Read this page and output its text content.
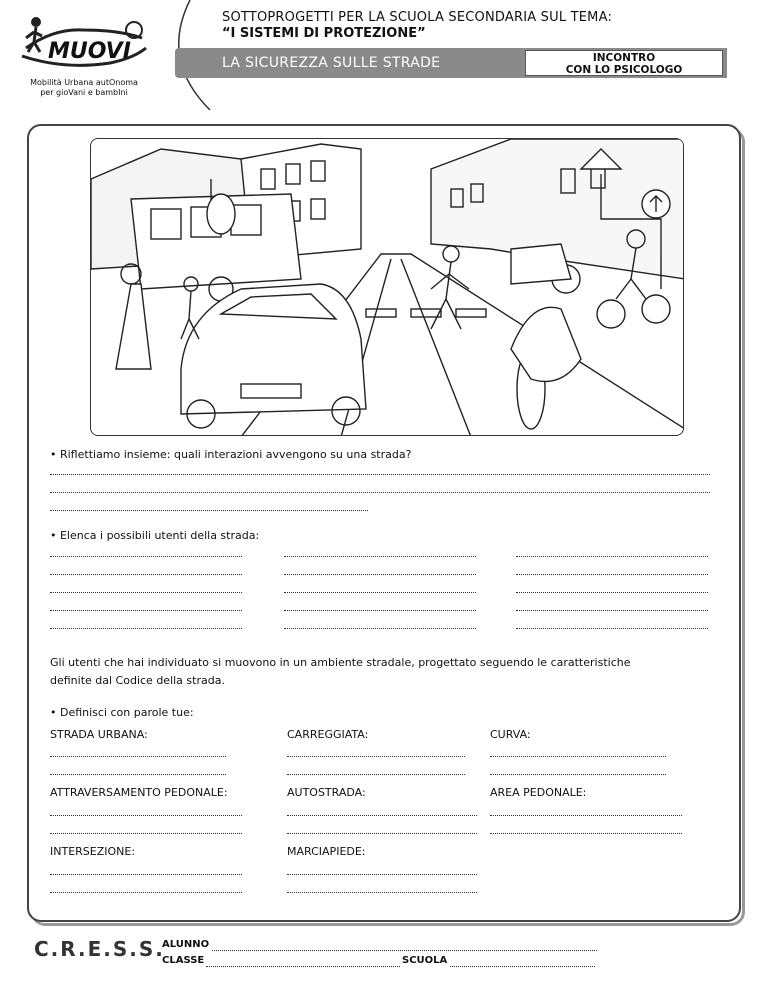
MUOVI
Mobilità Urbana autOnoma
per gioVani e bambIni
SOTTOPROGETTI PER LA SCUOLA SECONDARIA SUL TEMA:
“I SISTEMI DI PROTEZIONE”
LA SICUREZZA SULLE STRADE	INCONTRO
CON LO PSICOLOGO
• Riflettiamo insieme: quali interazioni avvengono su una strada?
• Elenca i possibili utenti della strada:
Gli utenti che hai individuato si muovono in un ambiente stradale, progettato seguendo le caratteristiche
definite dal Codice della strada.
• Definisci con parole tue:
STRADA URBANA:	CARREGGIATA:	CURVA:
ATTRAVERSAMENTO PEDONALE:	AUTOSTRADA:	AREA PEDONALE:
INTERSEZIONE:	MARCIAPIEDE:
C.R.E.S.S.
ALUNNO
CLASSE	SCUOLA
